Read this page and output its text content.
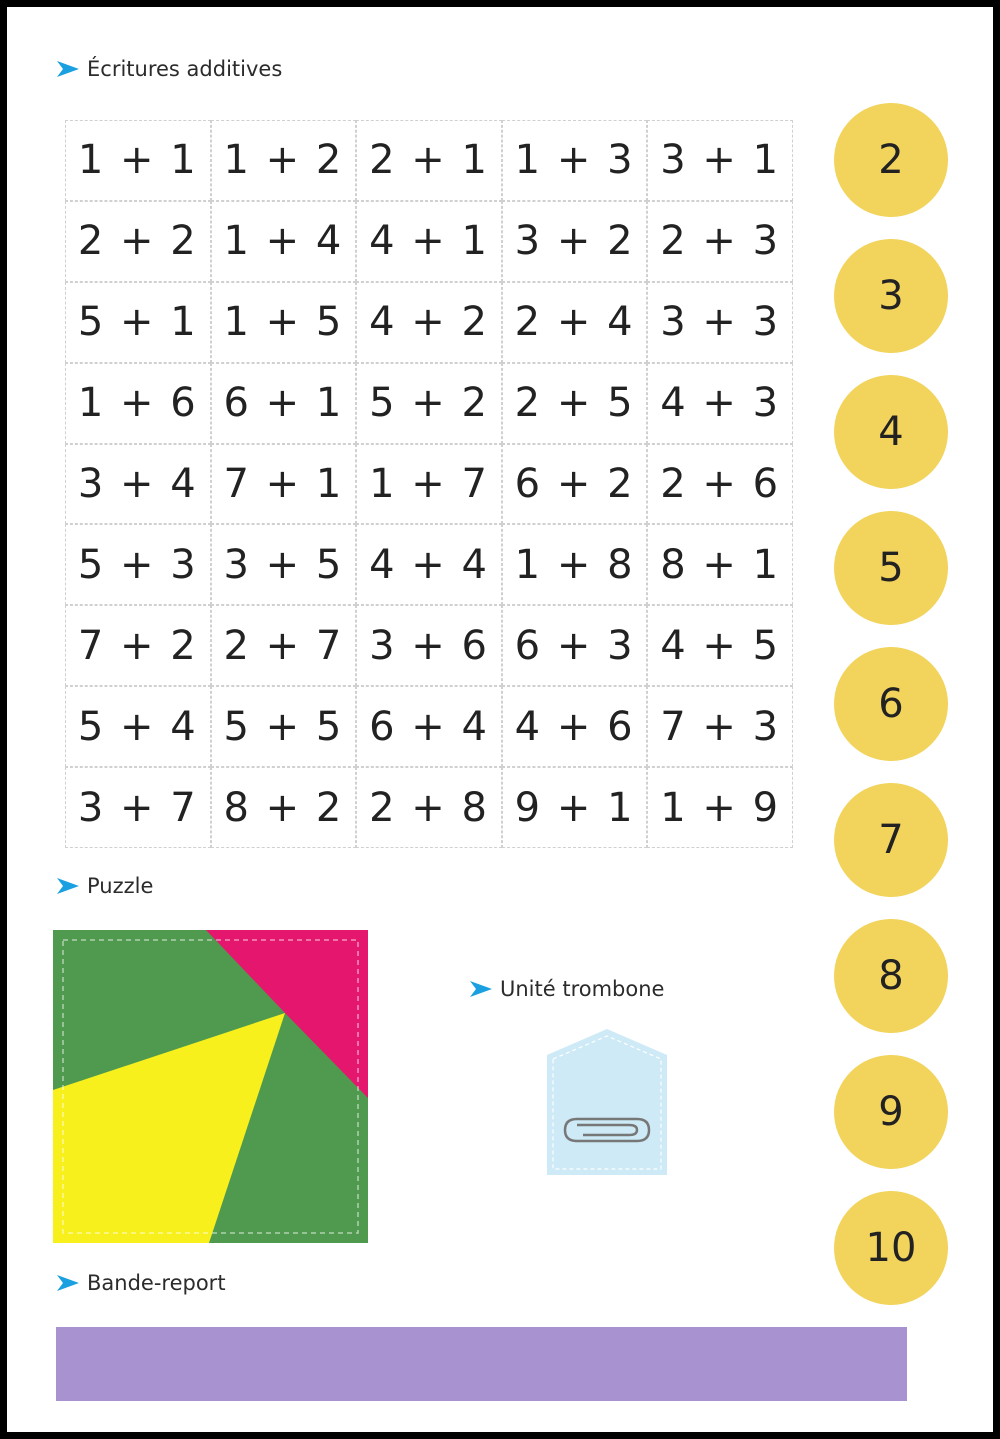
Écritures additives
1 + 1 1 + 2 2 + 1 1 + 3 3 + 1
2 + 2 1 + 4 4 + 1 3 + 2 2 + 3
5 + 1 1 + 5 4 + 2 2 + 4 3 + 3
1 + 6 6 + 1 5 + 2 2 + 5 4 + 3
3 + 4 7 + 1 1 + 7 6 + 2 2 + 6
5 + 3 3 + 5 4 + 4 1 + 8 8 + 1
7 + 2 2 + 7 3 + 6 6 + 3 4 + 5
5 + 4 5 + 5 6 + 4 4 + 6 7 + 3
3 + 7 8 + 2 2 + 8 9 + 1 1 + 9
Puzzle
Unité trombone
2
3
4
5
6
7
8
9
10
Bande-report
